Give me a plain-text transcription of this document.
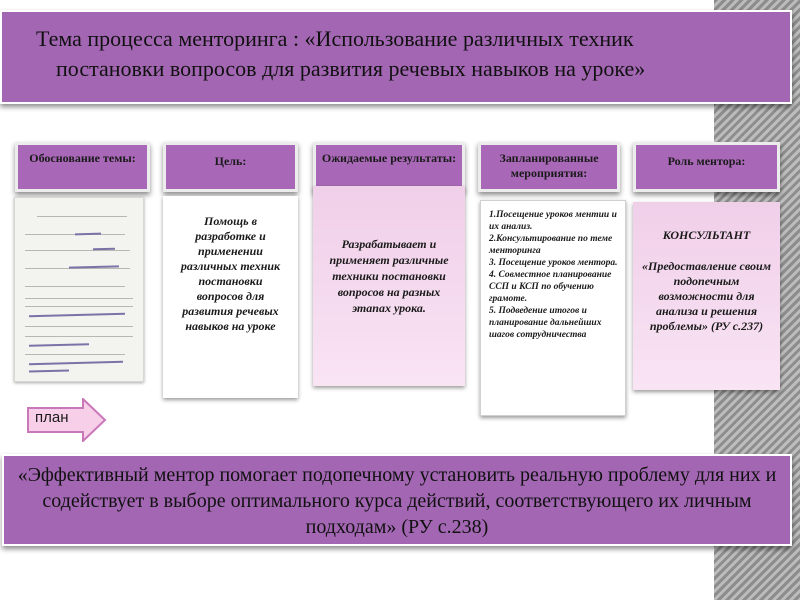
Тема процесса менторинга : «Использование различных техник
постановки вопросов для развития речевых навыков на уроке»
Обоснование темы:	Цель:	Ожидаемые результаты:	Запланированные мероприятия:
Роль ментора:
Помощь в разработке и применении различных техник постановки вопросов для развития речевых навыков на уроке
Разрабатывает и применяет различные техники постановки вопросов на разных этапах урока.
1.Посещение уроков ментии и их анализ.
2.Консультирование по теме менторинга
3. Посещение уроков ментора.
4. Совместное планирование ССП и КСП по обучению грамоте.
5. Подведение итогов и планирование дальнейших шагов сотрудничества
КОНСУЛЬТАНТ
«Предоставление своим подопечным возможности для анализа и решения проблемы» (РУ с.237)
план
«Эффективный ментор помогает подопечному установить реальную проблему для них и содействует в выборе оптимального курса действий, соответствующего их личным подходам» (РУ с.238)
